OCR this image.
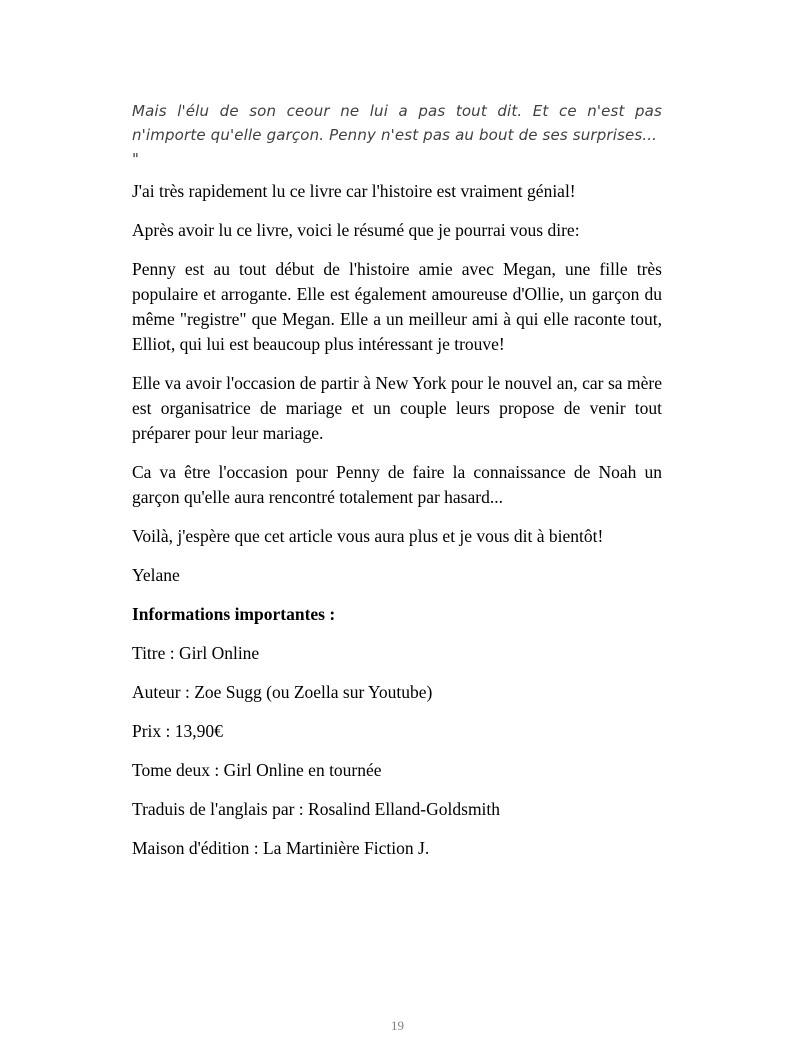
Mais l'élu de son ceour ne lui a pas tout dit. Et ce n'est pas n'importe qu'elle garçon. Penny n'est pas au bout de ses surprises...
"

J'ai très rapidement lu ce livre car l'histoire est vraiment génial!

Après avoir lu ce livre, voici le résumé que je pourrai vous dire:

Penny est au tout début de l'histoire amie avec Megan, une fille très populaire et arrogante. Elle est également amoureuse d'Ollie, un garçon du même "registre" que Megan. Elle a un meilleur ami à qui elle raconte tout, Elliot, qui lui est beaucoup plus intéressant je trouve!

Elle va avoir l'occasion de partir à New York pour le nouvel an, car sa mère est organisatrice de mariage et un couple leurs propose de venir tout préparer pour leur mariage.

Ca va être l'occasion pour Penny de faire la connaissance de Noah un garçon qu'elle aura rencontré totalement par hasard...

Voilà, j'espère que cet article vous aura plus et je vous dit à bientôt!

Yelane

Informations importantes :

Titre : Girl Online

Auteur : Zoe Sugg (ou Zoella sur Youtube)

Prix : 13,90€

Tome deux : Girl Online en tournée

Traduis de l'anglais par : Rosalind Elland-Goldsmith

Maison d'édition : La Martinière Fiction J.

19
